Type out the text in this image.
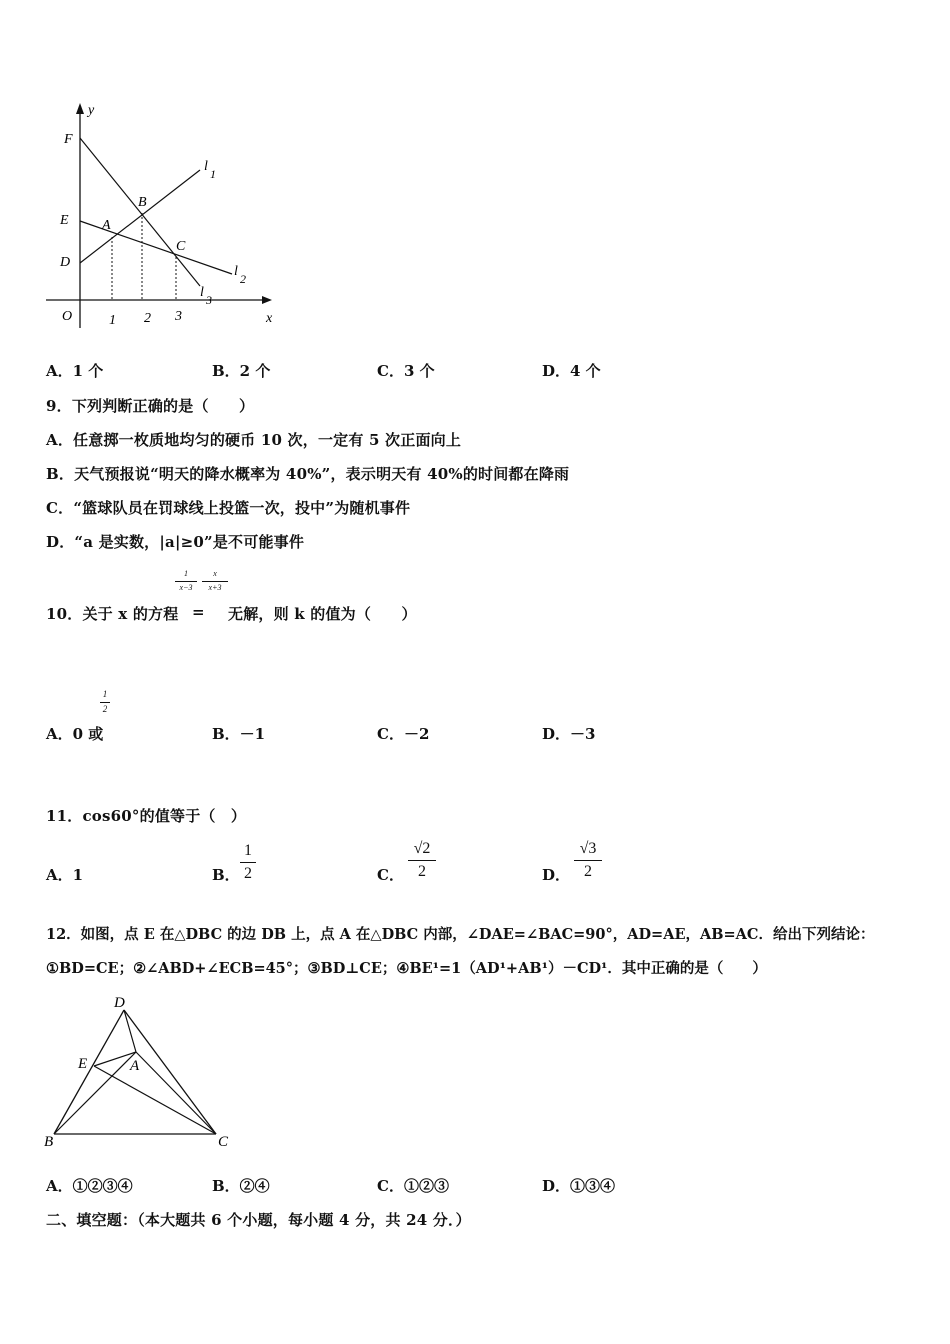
y
x
O
F
E
D
A
B
C
l 1
l 2
l 3
1 2 3
A．1 个	B．2 个	C．3 个	D．4 个
9．下列判断正确的是（　　）
A．任意掷一枚质地均匀的硬币 10 次，一定有 5 次正面向上
B．天气预报说“明天的降水概率为 40%”，表示明天有 40%的时间都在降雨
C．“篮球队员在罚球线上投篮一次，投中”为随机事件
D．“a 是实数，|a|≥0”是不可能事件
10．关于 x 的方程
1
x−3
=
x
x+3
无解，则 k 的值为（　　）
A．0 或
1
2
B．－1	C．－2	D．－3
11．cos60°的值等于（　）
A．1	B．
1
2	C．
√2
2	D．
√3
2
12．如图，点 E 在△DBC 的边 DB 上，点 A 在△DBC 内部，∠DAE=∠BAC=90°，AD=AE，AB=AC．给出下列结论：
①BD=CE；②∠ABD+∠ECB=45°；③BD⊥CE；④BE¹=1（AD¹+AB¹）－CD¹．其中正确的是（　　）
D
E	A
B	C
A．①②③④	B．②④	C．①②③	D．①③④
二、填空题：（本大题共 6 个小题，每小题 4 分，共 24 分．）
